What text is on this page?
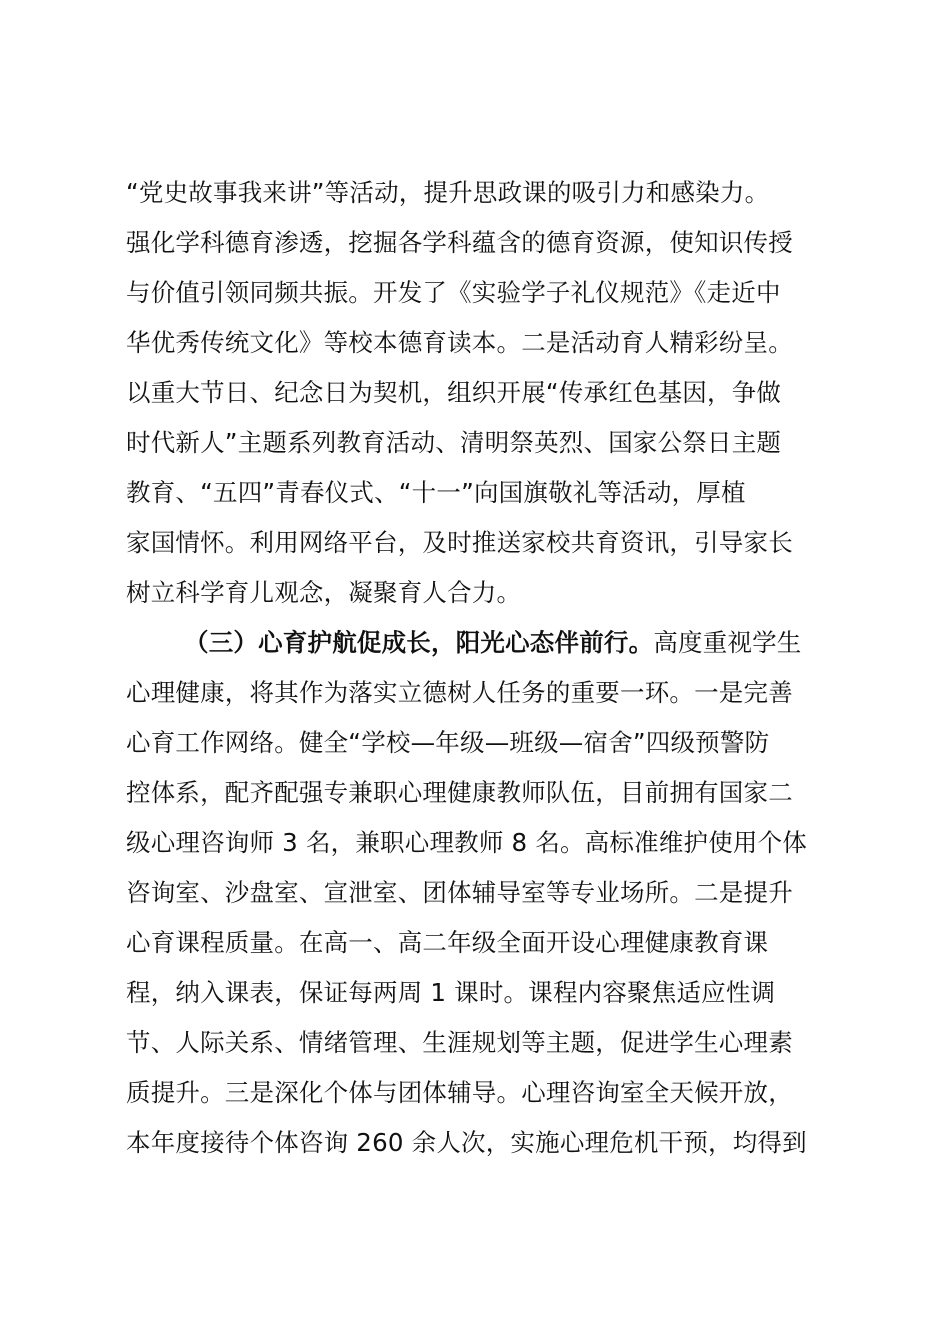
“党史故事我来讲”等活动，提升思政课的吸引力和感染力。
强化学科德育渗透，挖掘各学科蕴含的德育资源，使知识传授
与价值引领同频共振。开发了《实验学子礼仪规范》《走近中
华优秀传统文化》等校本德育读本。二是活动育人精彩纷呈。
以重大节日、纪念日为契机，组织开展“传承红色基因，争做
时代新人”主题系列教育活动、清明祭英烈、国家公祭日主题
教育、“五四”青春仪式、“十一”向国旗敬礼等活动，厚植
家国情怀。利用网络平台，及时推送家校共育资讯，引导家长
树立科学育儿观念，凝聚育人合力。
（三）心育护航促成长，阳光心态伴前行。高度重视学生
心理健康，将其作为落实立德树人任务的重要一环。一是完善
心育工作网络。健全“学校—年级—班级—宿舍”四级预警防
控体系，配齐配强专兼职心理健康教师队伍，目前拥有国家二
级心理咨询师 3 名，兼职心理教师 8 名。高标准维护使用个体
咨询室、沙盘室、宣泄室、团体辅导室等专业场所。二是提升
心育课程质量。在高一、高二年级全面开设心理健康教育课
程，纳入课表，保证每两周 1 课时。课程内容聚焦适应性调
节、人际关系、情绪管理、生涯规划等主题，促进学生心理素
质提升。三是深化个体与团体辅导。心理咨询室全天候开放，
本年度接待个体咨询 260 余人次，实施心理危机干预，均得到
